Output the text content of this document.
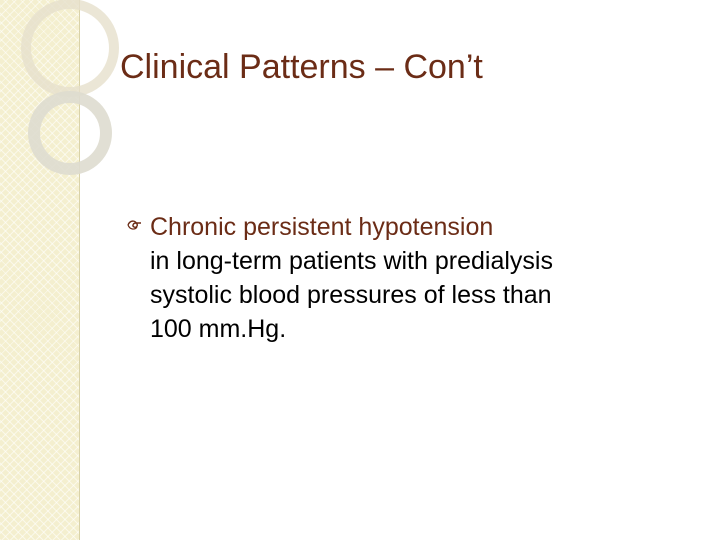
Clinical Patterns – Con’t
Chronic persistent hypotension
in long-term patients with predialysis
systolic blood pressures of less than
100 mm.Hg.
